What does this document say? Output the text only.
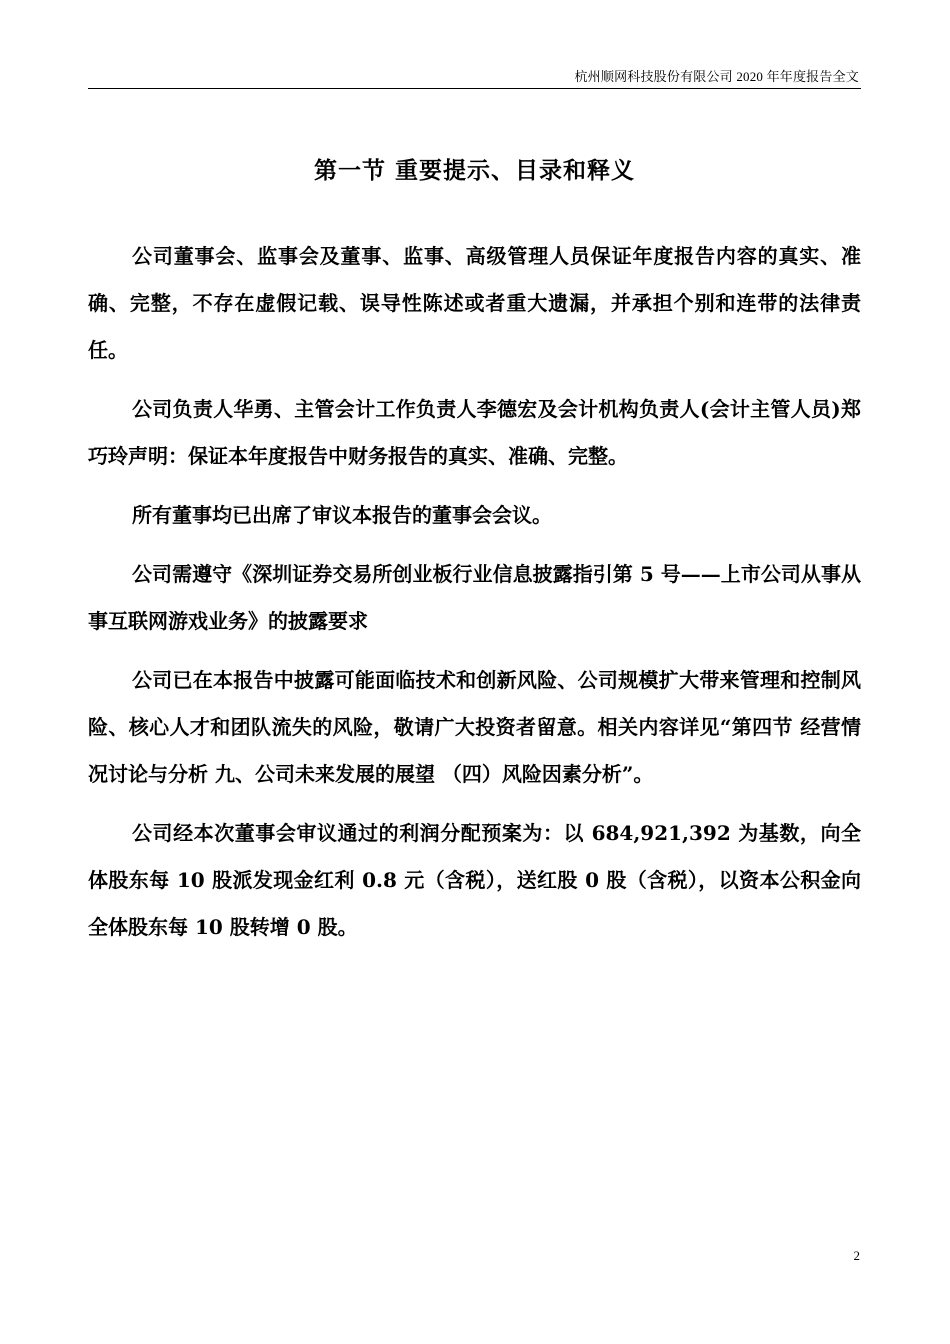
杭州顺网科技股份有限公司 2020 年年度报告全文
第一节 重要提示、目录和释义

公司董事会、监事会及董事、监事、高级管理人员保证年度报告内容的真实、准确、完整，不存在虚假记载、误导性陈述或者重大遗漏，并承担个别和连带的法律责任。

公司负责人华勇、主管会计工作负责人李德宏及会计机构负责人(会计主管人员)郑巧玲声明：保证本年度报告中财务报告的真实、准确、完整。

所有董事均已出席了审议本报告的董事会会议。

公司需遵守《深圳证券交易所创业板行业信息披露指引第 5 号——上市公司从事从事互联网游戏业务》的披露要求

公司已在本报告中披露可能面临技术和创新风险、公司规模扩大带来管理和控制风险、核心人才和团队流失的风险，敬请广大投资者留意。相关内容详见“第四节 经营情况讨论与分析 九、公司未来发展的展望 （四）风险因素分析”。

公司经本次董事会审议通过的利润分配预案为：以 684,921,392 为基数，向全体股东每 10 股派发现金红利 0.8 元（含税），送红股 0 股（含税），以资本公积金向全体股东每 10 股转增 0 股。

2
